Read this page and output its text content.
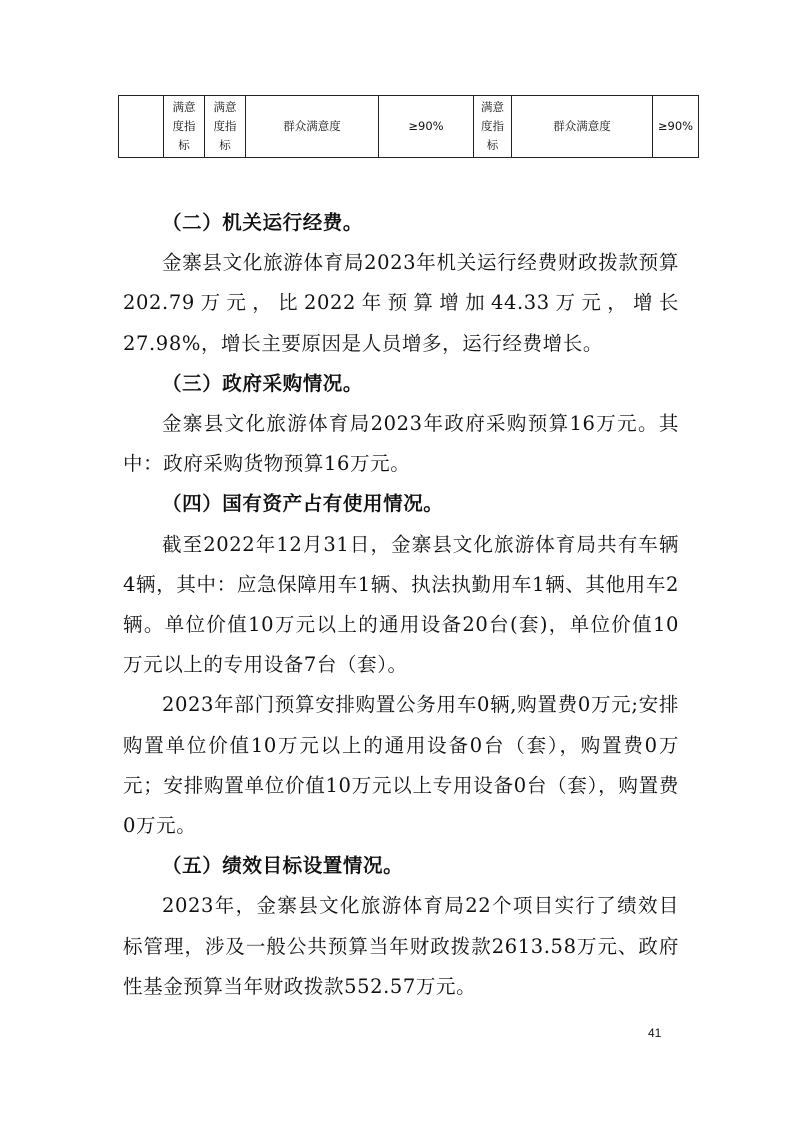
	满意度指标	满意度指标	群众满意度	≥90%	满意度指标	群众满意度	≥90%

（二）机关运行经费。

金寨县文化旅游体育局2023年机关运行经费财政拨款预算202.79万元，比2022年预算增加44.33万元，增长27.98%，增长主要原因是人员增多，运行经费增长。

（三）政府采购情况。

金寨县文化旅游体育局2023年政府采购预算16万元。其中：政府采购货物预算16万元。

（四）国有资产占有使用情况。

截至2022年12月31日，金寨县文化旅游体育局共有车辆4辆，其中：应急保障用车1辆、执法执勤用车1辆、其他用车2辆。单位价值10万元以上的通用设备20台(套)，单位价值10万元以上的专用设备7台（套）。

2023年部门预算安排购置公务用车0辆,购置费0万元;安排购置单位价值10万元以上的通用设备0台（套），购置费0万元；安排购置单位价值10万元以上专用设备0台（套），购置费0万元。

（五）绩效目标设置情况。

2023年，金寨县文化旅游体育局22个项目实行了绩效目标管理，涉及一般公共预算当年财政拨款2613.58万元、政府性基金预算当年财政拨款552.57万元。

41
